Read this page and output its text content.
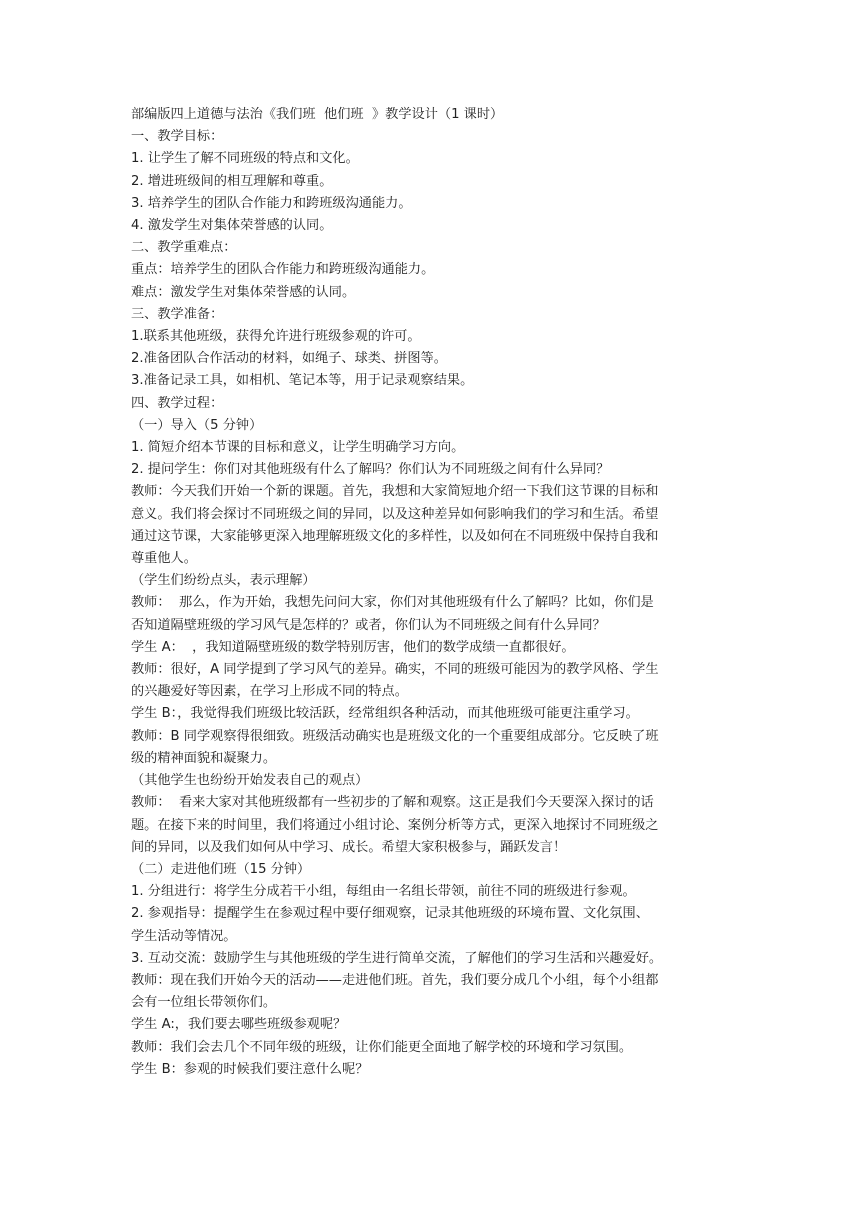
部编版四上道德与法治《我们班  他们班  》教学设计（1 课时）
一、教学目标：
1. 让学生了解不同班级的特点和文化。
2. 增进班级间的相互理解和尊重。
3. 培养学生的团队合作能力和跨班级沟通能力。
4. 激发学生对集体荣誉感的认同。
二、教学重难点：
重点：培养学生的团队合作能力和跨班级沟通能力。
难点：激发学生对集体荣誉感的认同。
三、教学准备：
1.联系其他班级，获得允许进行班级参观的许可。
2.准备团队合作活动的材料，如绳子、球类、拼图等。
3.准备记录工具，如相机、笔记本等，用于记录观察结果。
四、教学过程：
（一）导入（5 分钟）
1. 简短介绍本节课的目标和意义，让学生明确学习方向。
2. 提问学生：你们对其他班级有什么了解吗？你们认为不同班级之间有什么异同？
教师：今天我们开始一个新的课题。首先，我想和大家简短地介绍一下我们这节课的目标和
意义。我们将会探讨不同班级之间的异同，以及这种差异如何影响我们的学习和生活。希望
通过这节课，大家能够更深入地理解班级文化的多样性，以及如何在不同班级中保持自我和
尊重他人。
（学生们纷纷点头，表示理解）
教师：  那么，作为开始，我想先问问大家，你们对其他班级有什么了解吗？比如，你们是
否知道隔壁班级的学习风气是怎样的？或者，你们认为不同班级之间有什么异同？
学生 A：  ，我知道隔壁班级的数学特别厉害，他们的数学成绩一直都很好。
教师：很好，A 同学提到了学习风气的差异。确实，不同的班级可能因为的教学风格、学生
的兴趣爱好等因素，在学习上形成不同的特点。
学生 B：，我觉得我们班级比较活跃，经常组织各种活动，而其他班级可能更注重学习。
教师：B 同学观察得很细致。班级活动确实也是班级文化的一个重要组成部分。它反映了班
级的精神面貌和凝聚力。
（其他学生也纷纷开始发表自己的观点）
教师：  看来大家对其他班级都有一些初步的了解和观察。这正是我们今天要深入探讨的话
题。在接下来的时间里，我们将通过小组讨论、案例分析等方式，更深入地探讨不同班级之
间的异同，以及我们如何从中学习、成长。希望大家积极参与，踊跃发言！
（二）走进他们班（15 分钟）
1. 分组进行：将学生分成若干小组，每组由一名组长带领，前往不同的班级进行参观。
2. 参观指导：提醒学生在参观过程中要仔细观察，记录其他班级的环境布置、文化氛围、
学生活动等情况。
3. 互动交流：鼓励学生与其他班级的学生进行简单交流，了解他们的学习生活和兴趣爱好。
教师：现在我们开始今天的活动——走进他们班。首先，我们要分成几个小组，每个小组都
会有一位组长带领你们。
学生 A:，我们要去哪些班级参观呢？
教师：我们会去几个不同年级的班级，让你们能更全面地了解学校的环境和学习氛围。
学生 B：参观的时候我们要注意什么呢？
